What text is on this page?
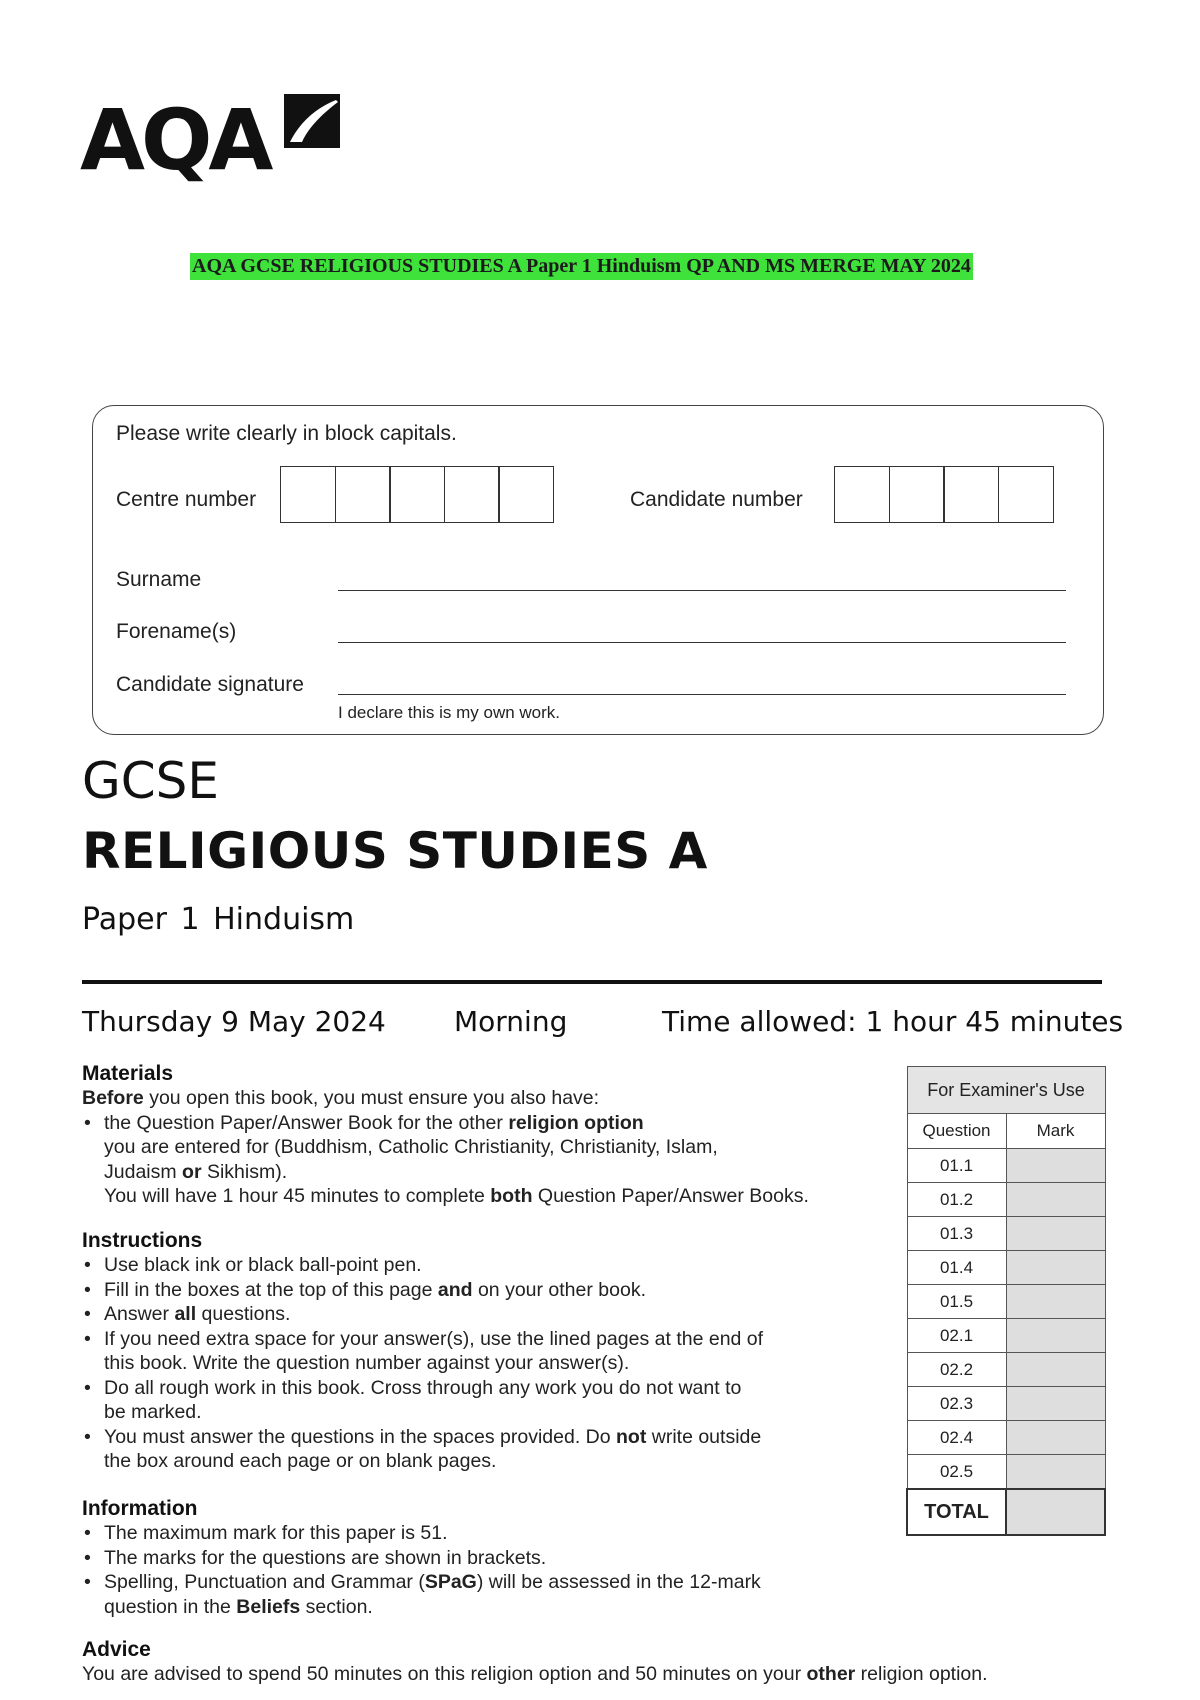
AQA
AQA GCSE RELIGIOUS STUDIES A Paper 1 Hinduism QP AND MS MERGE MAY 2024
Please write clearly in block capitals.
Centre number	Candidate number
Surname
Forename(s)
Candidate signature
I declare this is my own work.
GCSE
RELIGIOUS STUDIES A
Paper 1 Hinduism
Thursday 9 May 2024 Morning	Time allowed: 1 hour 45 minutes

Materials

Before you open this book, you must ensure you also have:

• the Question Paper/Answer Book for the other religion option
you are entered for (Buddhism, Catholic Christianity, Christianity, Islam,
Judaism or Sikhism).
You will have 1 hour 45 minutes to complete both Question Paper/Answer Books.

Instructions

• Use black ink or black ball-point pen.
• Fill in the boxes at the top of this page and on your other book.
• Answer all questions.
• If you need extra space for your answer(s), use the lined pages at the end of
this book. Write the question number against your answer(s).
• Do all rough work in this book. Cross through any work you do not want to
be marked.
• You must answer the questions in the spaces provided. Do not write outside
the box around each page or on blank pages.

Information

• The maximum mark for this paper is 51.
• The marks for the questions are shown in brackets.
• Spelling, Punctuation and Grammar (SPaG) will be assessed in the 12-mark
question in the Beliefs section.

Advice

You are advised to spend 50 minutes on this religion option and 50 minutes on your other religion option.

For Examiner's Use	
Question	Mark
01.1	
01.2	
01.3	
01.4	
01.5	
02.1	
02.2	
02.3	
02.4	
02.5	
TOTAL	
